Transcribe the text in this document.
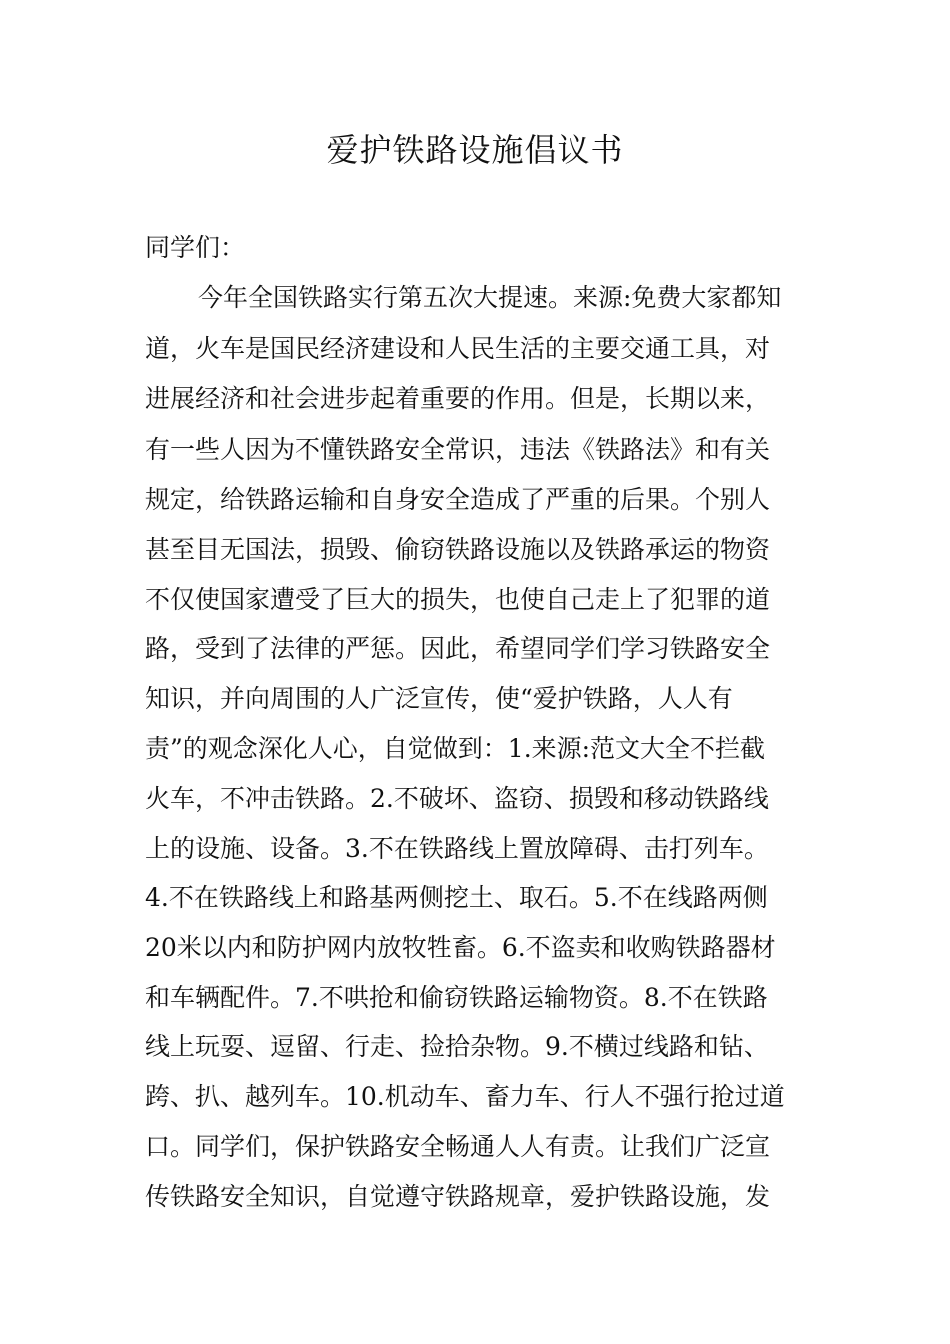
爱护铁路设施倡议书

同学们：

今年全国铁路实行第五次大提速。来源:免费大家都知

道，火车是国民经济建设和人民生活的主要交通工具，对

进展经济和社会进步起着重要的作用。但是，长期以来，

有一些人因为不懂铁路安全常识，违法《铁路法》和有关

规定，给铁路运输和自身安全造成了严重的后果。个别人

甚至目无国法，损毁、偷窃铁路设施以及铁路承运的物资

不仅使国家遭受了巨大的损失，也使自己走上了犯罪的道

路，受到了法律的严惩。因此，希望同学们学习铁路安全

知识，并向周围的人广泛宣传，使“爱护铁路，人人有

责”的观念深化人心，自觉做到：1.来源:范文大全不拦截

火车，不冲击铁路。2.不破坏、盗窃、损毁和移动铁路线

上的设施、设备。3.不在铁路线上置放障碍、击打列车。

4.不在铁路线上和路基两侧挖土、取石。5.不在线路两侧

20米以内和防护网内放牧牲畜。6.不盗卖和收购铁路器材

和车辆配件。7.不哄抢和偷窃铁路运输物资。8.不在铁路

线上玩耍、逗留、行走、捡拾杂物。9.不横过线路和钻、

跨、扒、越列车。10.机动车、畜力车、行人不强行抢过道

口。同学们，保护铁路安全畅通人人有责。让我们广泛宣

传铁路安全知识，自觉遵守铁路规章，爱护铁路设施，发
